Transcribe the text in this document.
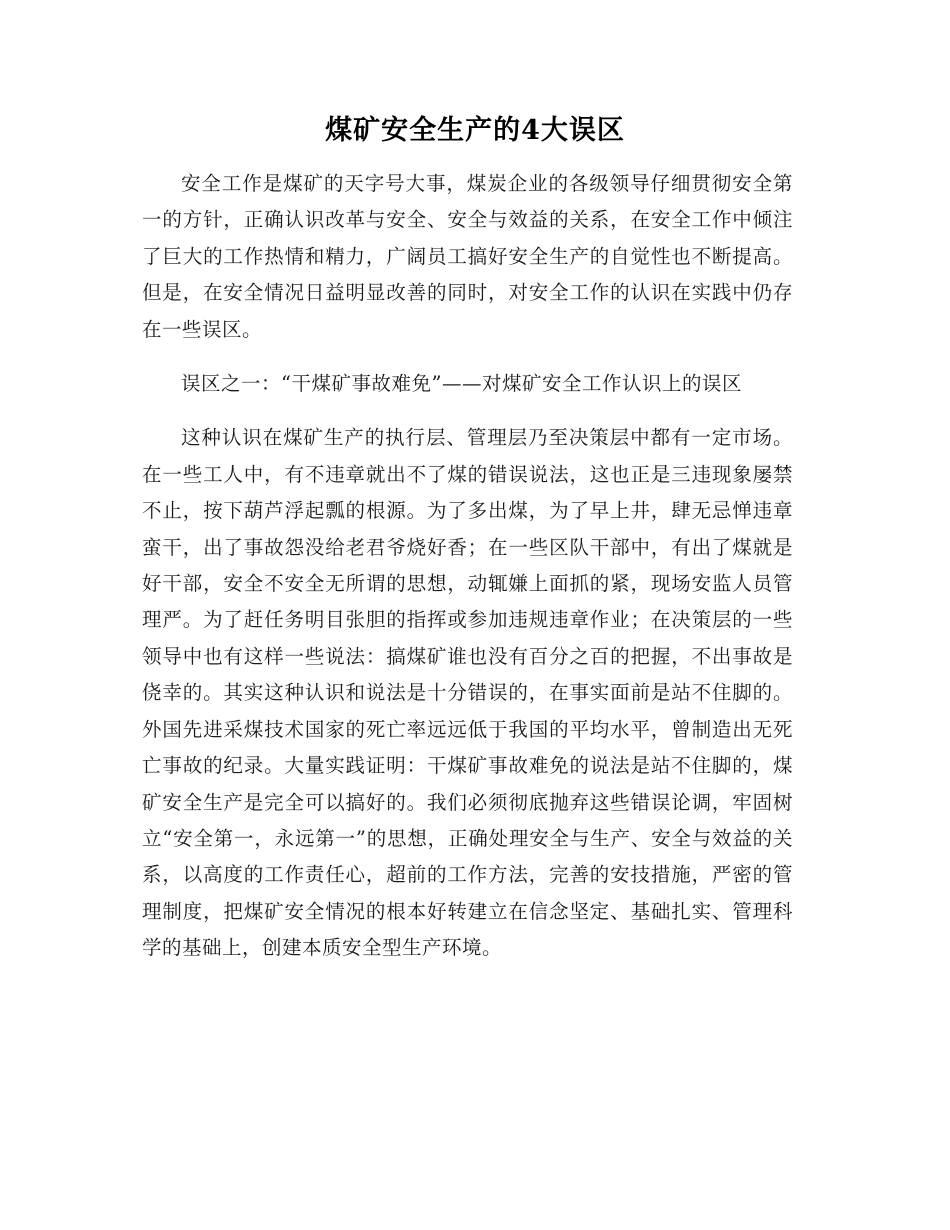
煤矿安全生产的4大误区

安全工作是煤矿的天字号大事，煤炭企业的各级领导仔细贯彻安全第一的方针，正确认识改革与安全、安全与效益的关系，在安全工作中倾注了巨大的工作热情和精力，广阔员工搞好安全生产的自觉性也不断提高。但是，在安全情况日益明显改善的同时，对安全工作的认识在实践中仍存在一些误区。

误区之一：“干煤矿事故难免”——对煤矿安全工作认识上的误区

这种认识在煤矿生产的执行层、管理层乃至决策层中都有一定市场。在一些工人中，有不违章就出不了煤的错误说法，这也正是三违现象屡禁不止，按下葫芦浮起瓢的根源。为了多出煤，为了早上井，肆无忌惮违章蛮干，出了事故怨没给老君爷烧好香；在一些区队干部中，有出了煤就是好干部，安全不安全无所谓的思想，动辄嫌上面抓的紧，现场安监人员管理严。为了赶任务明目张胆的指挥或参加违规违章作业；在决策层的一些领导中也有这样一些说法：搞煤矿谁也没有百分之百的把握，不出事故是侥幸的。其实这种认识和说法是十分错误的，在事实面前是站不住脚的。外国先进采煤技术国家的死亡率远远低于我国的平均水平，曾制造出无死亡事故的纪录。大量实践证明：干煤矿事故难免的说法是站不住脚的，煤矿安全生产是完全可以搞好的。我们必须彻底抛弃这些错误论调，牢固树立“安全第一，永远第一”的思想，正确处理安全与生产、安全与效益的关系，以高度的工作责任心，超前的工作方法，完善的安技措施，严密的管理制度，把煤矿安全情况的根本好转建立在信念坚定、基础扎实、管理科学的基础上，创建本质安全型生产环境。
